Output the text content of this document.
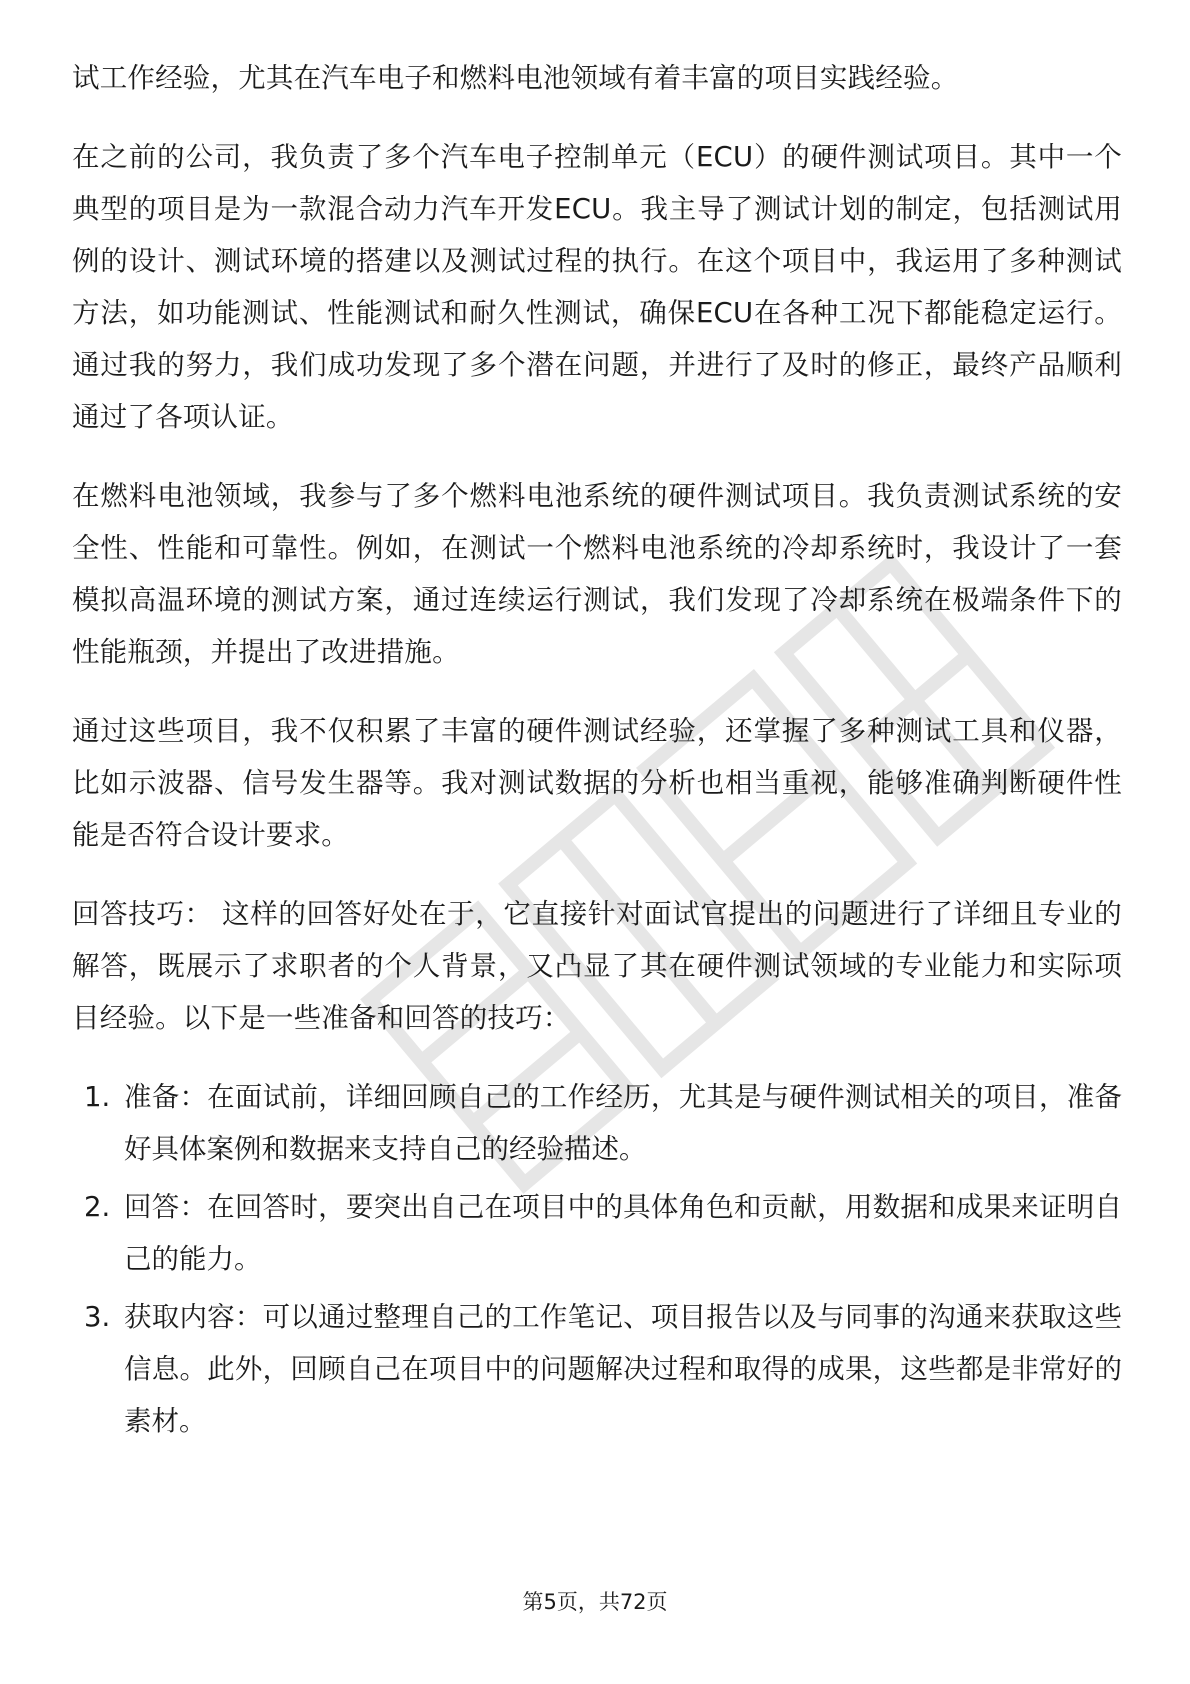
试工作经验，尤其在汽车电子和燃料电池领域有着丰富的项目实践经验。

在之前的公司，我负责了多个汽车电子控制单元（ECU）的硬件测试项目。其中一个典型的项目是为一款混合动力汽车开发ECU。我主导了测试计划的制定，包括测试用例的设计、测试环境的搭建以及测试过程的执行。在这个项目中，我运用了多种测试方法，如功能测试、性能测试和耐久性测试，确保ECU在各种工况下都能稳定运行。通过我的努力，我们成功发现了多个潜在问题，并进行了及时的修正，最终产品顺利通过了各项认证。

在燃料电池领域，我参与了多个燃料电池系统的硬件测试项目。我负责测试系统的安全性、性能和可靠性。例如，在测试一个燃料电池系统的冷却系统时，我设计了一套模拟高温环境的测试方案，通过连续运行测试，我们发现了冷却系统在极端条件下的性能瓶颈，并提出了改进措施。

通过这些项目，我不仅积累了丰富的硬件测试经验，还掌握了多种测试工具和仪器，比如示波器、信号发生器等。我对测试数据的分析也相当重视，能够准确判断硬件性能是否符合设计要求。

回答技巧： 这样的回答好处在于，它直接针对面试官提出的问题进行了详细且专业的解答，既展示了求职者的个人背景，又凸显了其在硬件测试领域的专业能力和实际项目经验。以下是一些准备和回答的技巧：

1. 准备：在面试前，详细回顾自己的工作经历，尤其是与硬件测试相关的项目，准备好具体案例和数据来支持自己的经验描述。
2. 回答：在回答时，要突出自己在项目中的具体角色和贡献，用数据和成果来证明自己的能力。
3. 获取内容：可以通过整理自己的工作笔记、项目报告以及与同事的沟通来获取这些信息。此外，回顾自己在项目中的问题解决过程和取得的成果，这些都是非常好的素材。
第5页，共72页
